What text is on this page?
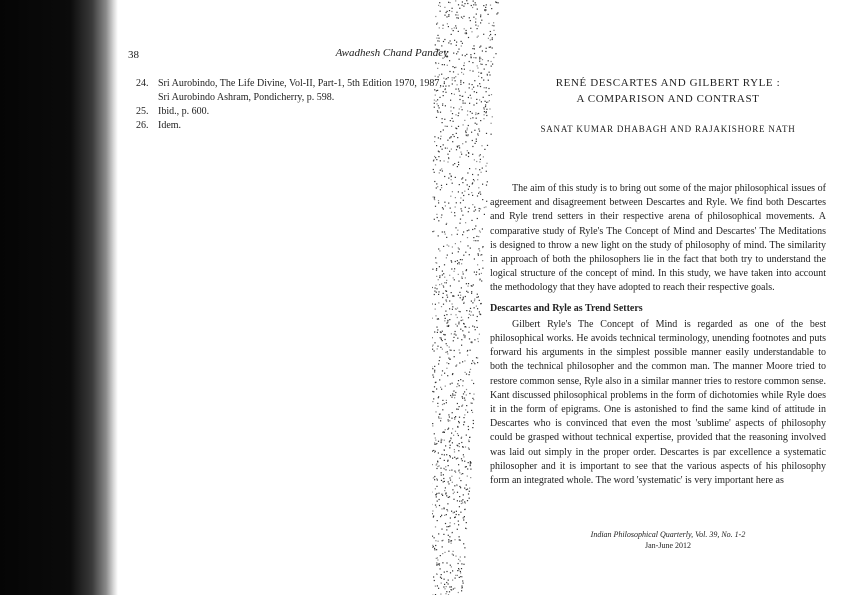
38	Awadhesh Chand Pandey
24. Sri Aurobindo, The Life Divine, Vol-II, Part-1, 5th Edition 1970, 1987, Sri Aurobindo Ashram, Pondicherry, p. 598.
25. Ibid., p. 600.
26. Idem.
RENÉ DESCARTES AND GILBERT RYLE :
A COMPARISON AND CONTRAST
SANAT KUMAR DHABAGH AND RAJAKISHORE NATH

The aim of this study is to bring out some of the major philosophical issues of agreement and disagreement between Descartes and Ryle. We find both Descartes and Ryle trend setters in their respective arena of philosophical movements. A comparative study of Ryle's The Concept of Mind and Descartes' The Meditations is designed to throw a new light on the study of philosophy of mind. The similarity in approach of both the philosophers lie in the fact that both try to understand the logical structure of the concept of mind. In this study, we have taken into account the methodology that they have adopted to reach their respective goals.

Descartes and Ryle as Trend Setters

Gilbert Ryle's The Concept of Mind is regarded as one of the best philosophical works. He avoids technical terminology, unending footnotes and puts forward his arguments in the simplest possible manner easily understandable to both the technical philosopher and the common man. The manner Moore tried to restore common sense, Ryle also in a similar manner tries to restore common sense. Kant discussed philosophical problems in the form of dichotomies while Ryle does it in the form of epigrams. One is astonished to find the same kind of attitude in Descartes who is convinced that even the most 'sublime' aspects of philosophy could be grasped without technical expertise, provided that the reasoning involved was laid out simply in the proper order. Descartes is par excellence a systematic philosopher and it is important to see that the various aspects of his philosophy form an integrated whole. The word 'systematic' is very important here as

Indian Philosophical Quarterly, Vol. 39, No. 1-2
Jan-June 2012
